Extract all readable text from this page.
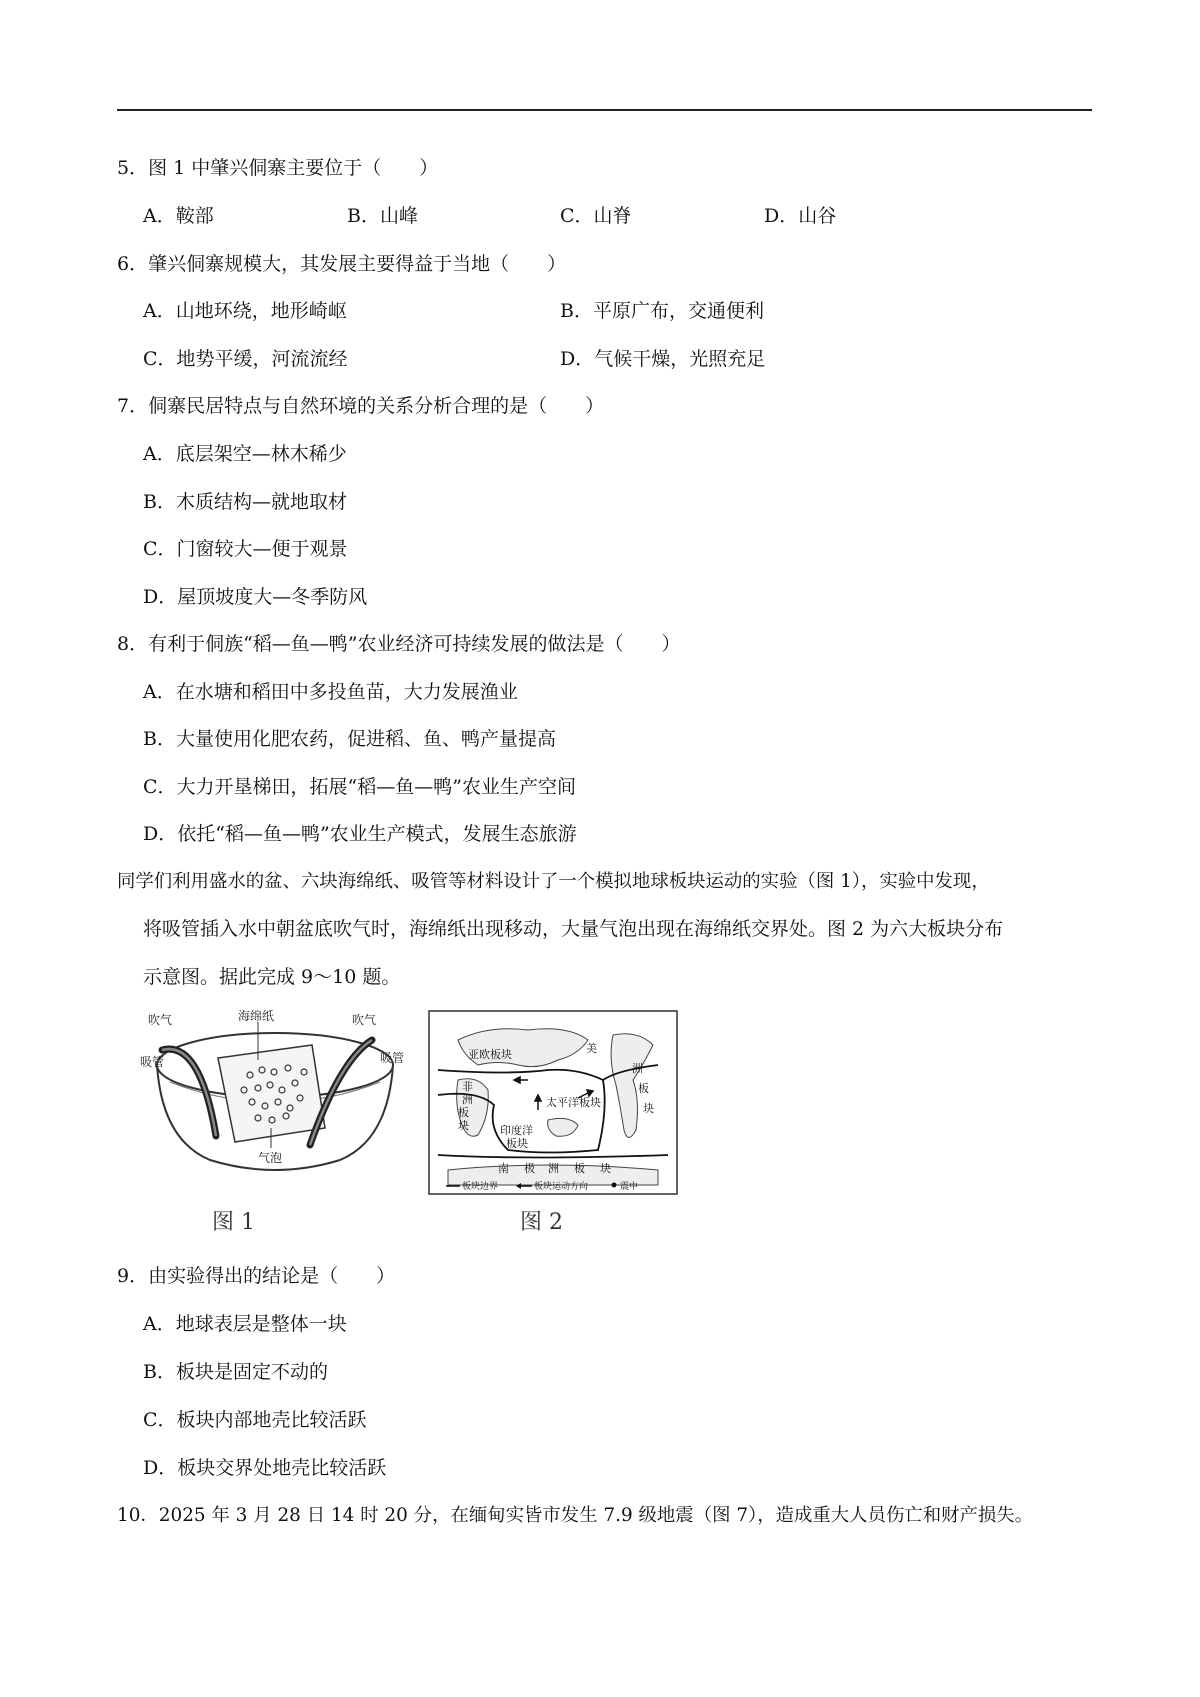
5．图 1 中肇兴侗寨主要位于（　　）
A．鞍部	B．山峰	C．山脊	D．山谷
6．肇兴侗寨规模大，其发展主要得益于当地（　　）
A．山地环绕，地形崎岖	B．平原广布，交通便利
C．地势平缓，河流流经	D．气候干燥，光照充足
7．侗寨民居特点与自然环境的关系分析合理的是（　　）
A．底层架空—林木稀少
B．木质结构—就地取材
C．门窗较大—便于观景
D．屋顶坡度大—冬季防风
8．有利于侗族“稻—鱼—鸭”农业经济可持续发展的做法是（　　）
A．在水塘和稻田中多投鱼苗，大力发展渔业
B．大量使用化肥农药，促进稻、鱼、鸭产量提高
C．大力开垦梯田，拓展“稻—鱼—鸭”农业生产空间
D．依托“稻—鱼—鸭”农业生产模式，发展生态旅游
同学们利用盛水的盆、六块海绵纸、吸管等材料设计了一个模拟地球板块运动的实验（图 1），实验中发现，
将吸管插入水中朝盆底吹气时，海绵纸出现移动，大量气泡出现在海绵纸交界处。图 2 为六大板块分布
示意图。据此完成 9～10 题。
吹气
吸管
海绵纸	吹气
吸管
气泡
图 1
亚欧板块	美
洲
板
块
非
洲
板
块
太平洋板块
印度洋
板块
南 极 洲 板 块
板块边界	板块运动方向	震中
图 2
9．由实验得出的结论是（　　）
A．地球表层是整体一块
B．板块是固定不动的
C．板块内部地壳比较活跃
D．板块交界处地壳比较活跃
10．2025 年 3 月 28 日 14 时 20 分，在缅甸实皆市发生 7.9 级地震（图 7），造成重大人员伤亡和财产损失。
